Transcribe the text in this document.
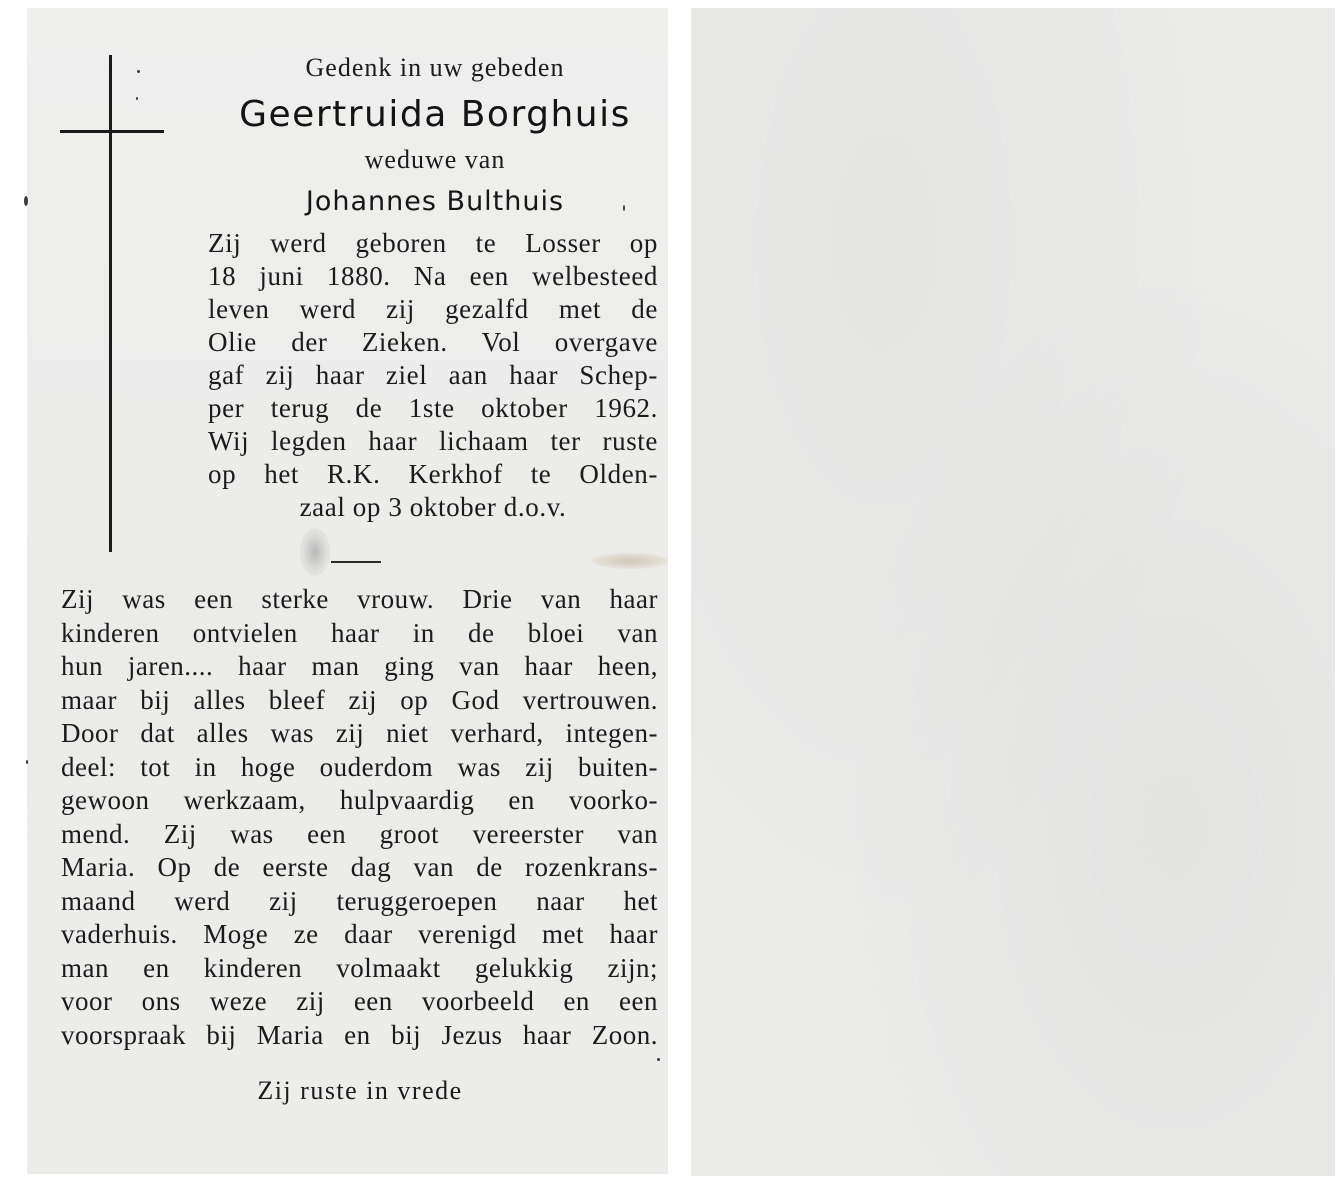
Gedenk in uw gebeden
Geertruida Borghuis
weduwe van
Johannes Bulthuis
Zij werd geboren te Losser op
18 juni 1880. Na een welbesteed
leven werd zij gezalfd met de
Olie der Zieken. Vol overgave
gaf zij haar ziel aan haar Schep-
per terug de 1ste oktober 1962.
Wij legden haar lichaam ter ruste
op het R.K. Kerkhof te Olden-
zaal op 3 oktober d.o.v.
Zij was een sterke vrouw. Drie van haar
kinderen ontvielen haar in de bloei van
hun jaren.... haar man ging van haar heen,
maar bij alles bleef zij op God vertrouwen.
Door dat alles was zij niet verhard, integen-
deel: tot in hoge ouderdom was zij buiten-
gewoon werkzaam, hulpvaardig en voorko-
mend. Zij was een groot vereerster van
Maria. Op de eerste dag van de rozenkrans-
maand werd zij teruggeroepen naar het
vaderhuis. Moge ze daar verenigd met haar
man en kinderen volmaakt gelukkig zijn;
voor ons weze zij een voorbeeld en een
voorspraak bij Maria en bij Jezus haar Zoon.
Zij ruste in vrede
